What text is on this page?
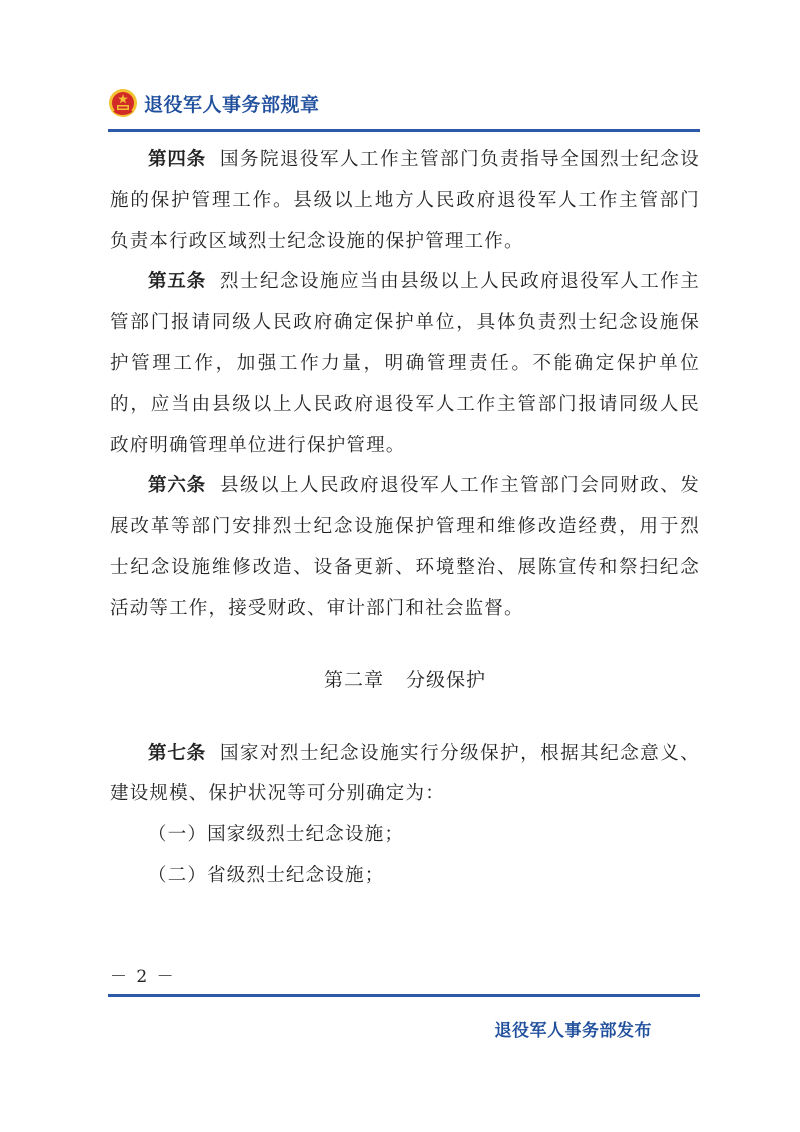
退役军人事务部规章

第四条 国务院退役军人工作主管部门负责指导全国烈士纪念设施的保护管理工作。县级以上地方人民政府退役军人工作主管部门负责本行政区域烈士纪念设施的保护管理工作。

第五条 烈士纪念设施应当由县级以上人民政府退役军人工作主管部门报请同级人民政府确定保护单位，具体负责烈士纪念设施保护管理工作，加强工作力量，明确管理责任。不能确定保护单位的，应当由县级以上人民政府退役军人工作主管部门报请同级人民政府明确管理单位进行保护管理。

第六条 县级以上人民政府退役军人工作主管部门会同财政、发展改革等部门安排烈士纪念设施保护管理和维修改造经费，用于烈士纪念设施维修改造、设备更新、环境整治、展陈宣传和祭扫纪念活动等工作，接受财政、审计部门和社会监督。

第二章 分级保护

第七条 国家对烈士纪念设施实行分级保护，根据其纪念意义、建设规模、保护状况等可分别确定为：

（一）国家级烈士纪念设施；

（二）省级烈士纪念设施；

－ 2 －
退役军人事务部发布
